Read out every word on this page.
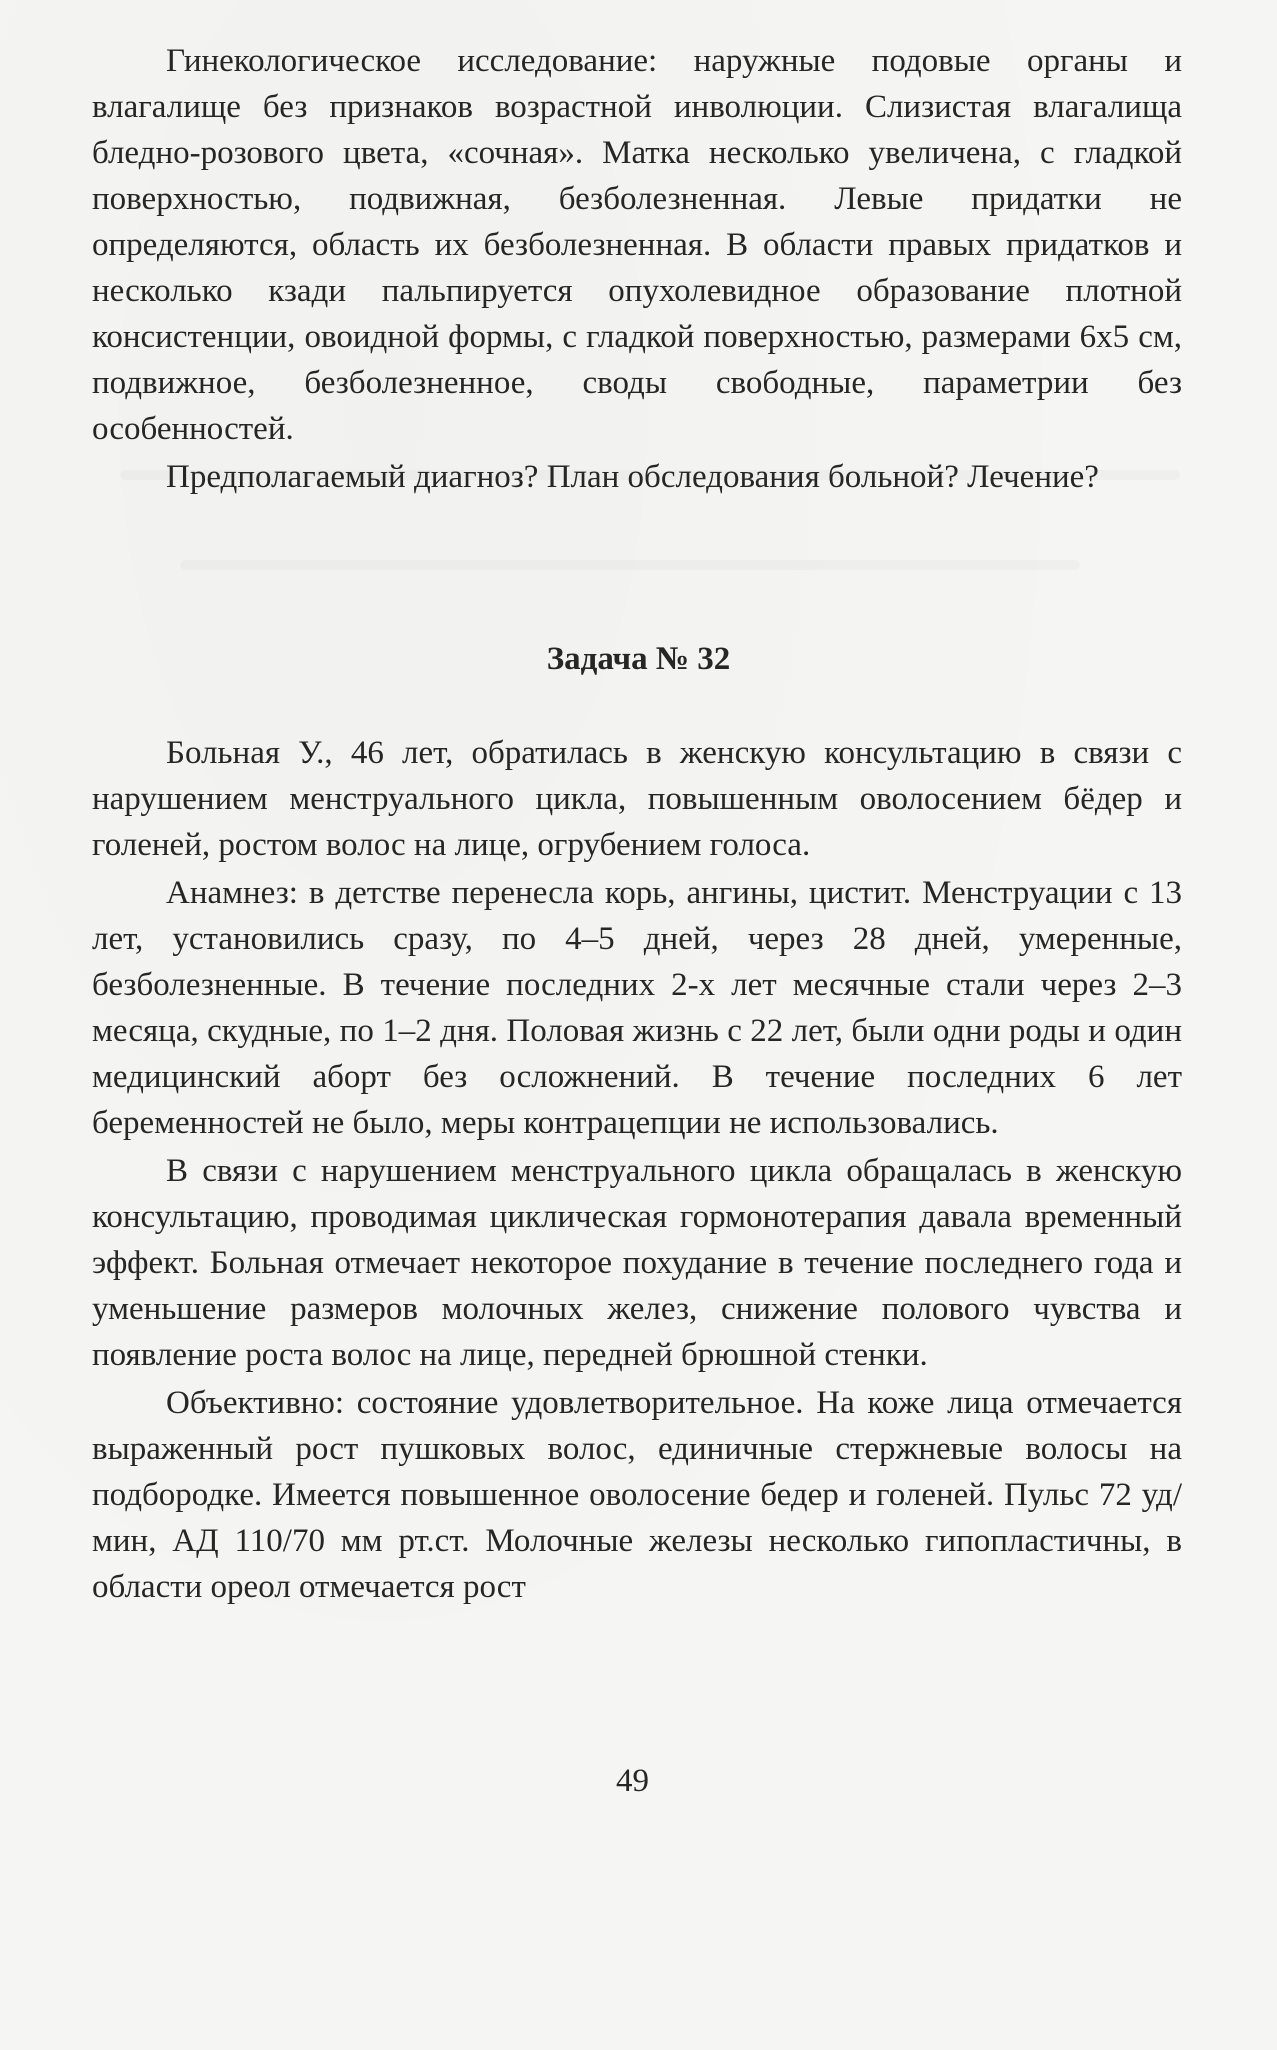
Гинекологическое исследование: наружные подовые органы и влагалище без признаков возрастной инволюции. Слизистая влагалища бледно-розового цвета, «сочная». Матка несколько увеличена, с гладкой поверхностью, подвижная, безболезненная. Левые придатки не определяются, область их безболезненная. В области правых придатков и несколько кзади пальпируется опухолевидное образование плотной консистенции, овоидной формы, с гладкой поверхностью, размерами 6х5 см, подвижное, безболезненное, своды свободные, параметрии без особенностей.

Предполагаемый диагноз? План обследования больной? Лечение?

Задача № 32

Больная У., 46 лет, обратилась в женскую консультацию в связи с нарушением менструального цикла, повышенным оволосением бёдер и голеней, ростом волос на лице, огрубением голоса.

Анамнез: в детстве перенесла корь, ангины, цистит. Менструации с 13 лет, установились сразу, по 4–5 дней, через 28 дней, умеренные, безболезненные. В течение последних 2-х лет месячные стали через 2–3 месяца, скудные, по 1–2 дня. Половая жизнь с 22 лет, были одни роды и один медицинский аборт без осложнений. В течение последних 6 лет беременностей не было, меры контрацепции не использовались.

В связи с нарушением менструального цикла обращалась в женскую консультацию, проводимая циклическая гормонотерапия давала временный эффект. Больная отмечает некоторое похудание в течение последнего года и уменьшение размеров молочных желез, снижение полового чувства и появление роста волос на лице, передней брюшной стенки.

Объективно: состояние удовлетворительное. На коже лица отмечается выраженный рост пушковых волос, единичные стержневые волосы на подбородке. Имеется повышенное оволосение бедер и голеней. Пульс 72 уд/мин, АД 110/70 мм рт.ст. Молочные железы несколько гипопластичны, в области ореол отмечается рост

49
